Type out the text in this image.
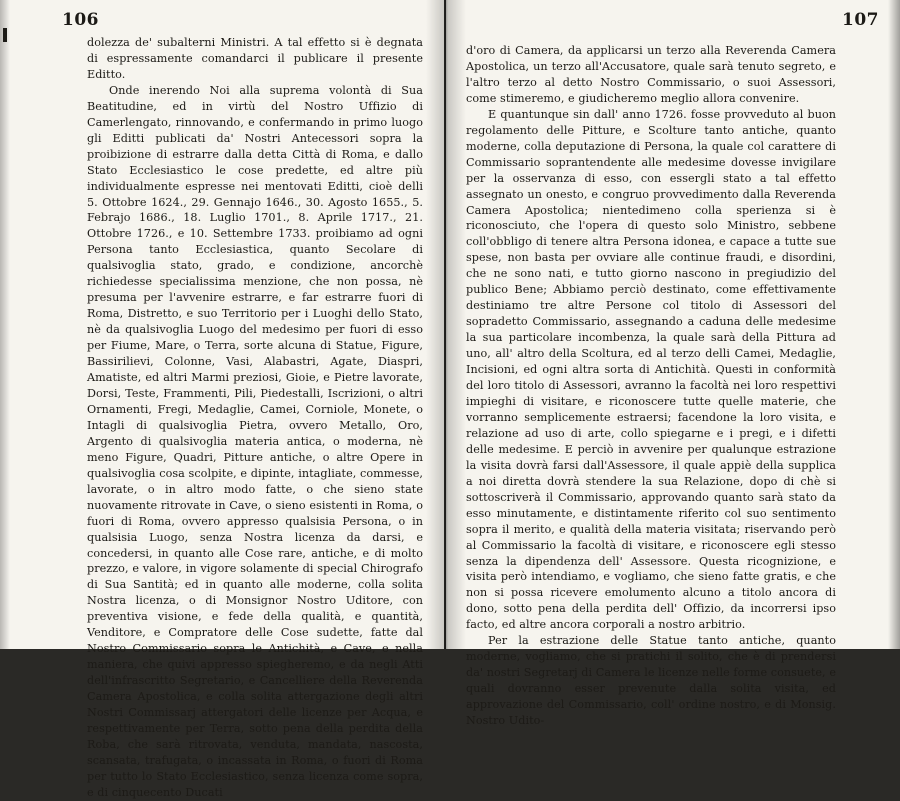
106

dolezza de' subalterni Ministri. A tal effetto si è degnata di espressamente comandarci il publicare il presente Editto.

Onde inerendo Noi alla suprema volontà di Sua Beatitudine, ed in virtù del Nostro Uffizio di Camerlengato, rinnovando, e confermando in primo luogo gli Editti publicati da' Nostri Antecessori sopra la proibizione di estrarre dalla detta Città di Roma, e dallo Stato Ecclesiastico le cose predette, ed altre più individualmente espresse nei mentovati Editti, cioè delli 5. Ottobre 1624., 29. Gennajo 1646., 30. Agosto 1655., 5. Febrajo 1686., 18. Luglio 1701., 8. Aprile 1717., 21. Ottobre 1726., e 10. Settembre 1733. proibiamo ad ogni Persona tanto Ecclesiastica, quanto Secolare di qualsivoglia stato, grado, e condizione, ancorchè richiedesse specialissima menzione, che non possa, nè presuma per l'avvenire estrarre, e far estrarre fuori di Roma, Distretto, e suo Territorio per i Luoghi dello Stato, nè da qualsivoglia Luogo del medesimo per fuori di esso per Fiume, Mare, o Terra, sorte alcuna di Statue, Figure, Bassirilievi, Colonne, Vasi, Alabastri, Agate, Diaspri, Amatiste, ed altri Marmi preziosi, Gioie, e Pietre lavorate, Dorsi, Teste, Frammenti, Pili, Piedestalli, Iscrizioni, o altri Ornamenti, Fregi, Medaglie, Camei, Corniole, Monete, o Intagli di qualsivoglia Pietra, ovvero Metallo, Oro, Argento di qualsivoglia materia antica, o moderna, nè meno Figure, Quadri, Pitture antiche, o altre Opere in qualsivoglia cosa scolpite, e dipinte, intagliate, commesse, lavorate, o in altro modo fatte, o che sieno state nuovamente ritrovate in Cave, o sieno esistenti in Roma, o fuori di Roma, ovvero appresso qualsisia Persona, o in qualsisia Luogo, senza Nostra licenza da darsi, e concedersi, in quanto alle Cose rare, antiche, e di molto prezzo, e valore, in vigore solamente di special Chirografo di Sua Santità; ed in quanto alle moderne, colla solita Nostra licenza, o di Monsignor Nostro Uditore, con preventiva visione, e fede della qualità, e quantità, Venditore, e Compratore delle Cose sudette, fatte dal Nostro Commissario sopra le Antichità, e Cave, e nella maniera, che quivi appresso spiegheremo, e da negli Atti dell'infrascritto Segretario, e Cancelliere della Reverenda Camera Apostolica, e colla solita attergazione degli altri Nostri Commissarj attergatori delle licenze per Acqua, e respettivamente per Terra, sotto pena della perdita della Roba, che sarà ritrovata, venduta, mandata, nascosta, scansata, trafugata, o incassata in Roma, o fuori di Roma per tutto lo Stato Ecclesiastico, senza licenza come sopra, e di cinquecento Ducati

107

d'oro di Camera, da applicarsi un terzo alla Reverenda Camera Apostolica, un terzo all'Accusatore, quale sarà tenuto segreto, e l'altro terzo al detto Nostro Commissario, o suoi Assessori, come stimeremo, e giudicheremo meglio allora convenire.

E quantunque sin dall' anno 1726. fosse provveduto al buon regolamento delle Pitture, e Scolture tanto antiche, quanto moderne, colla deputazione di Persona, la quale col carattere di Commissario soprantendente alle medesime dovesse invigilare per la osservanza di esso, con essergli stato a tal effetto assegnato un onesto, e congruo provvedimento dalla Reverenda Camera Apostolica; nientedimeno colla sperienza si è riconosciuto, che l'opera di questo solo Ministro, sebbene coll'obbligo di tenere altra Persona idonea, e capace a tutte sue spese, non basta per ovviare alle continue fraudi, e disordini, che ne sono nati, e tutto giorno nascono in pregiudizio del publico Bene; Abbiamo perciò destinato, come effettivamente destiniamo tre altre Persone col titolo di Assessori del sopradetto Commissario, assegnando a caduna delle medesime la sua particolare incombenza, la quale sarà della Pittura ad uno, all' altro della Scoltura, ed al terzo delli Camei, Medaglie, Incisioni, ed ogni altra sorta di Antichità. Questi in conformità del loro titolo di Assessori, avranno la facoltà nei loro respettivi impieghi di visitare, e riconoscere tutte quelle materie, che vorranno semplicemente estraersi; facendone la loro visita, e relazione ad uso di arte, collo spiegarne e i pregi, e i difetti delle medesime. E perciò in avvenire per qualunque estrazione la visita dovrà farsi dall'Assessore, il quale appiè della supplica a noi diretta dovrà stendere la sua Relazione, dopo di chè si sottoscriverà il Commissario, approvando quanto sarà stato da esso minutamente, e distintamente riferito col suo sentimento sopra il merito, e qualità della materia visitata; riservando però al Commissario la facoltà di visitare, e riconoscere egli stesso senza la dipendenza dell' Assessore. Questa ricognizione, e visita però intendiamo, e vogliamo, che sieno fatte gratis, e che non si possa ricevere emolumento alcuno a titolo ancora di dono, sotto pena della perdita dell' Offizio, da incorrersi ipso facto, ed altre ancora corporali a nostro arbitrio.

Per la estrazione delle Statue tanto antiche, quanto moderne, vogliamo, che si pratichi il solito, che è di prendersi da' nostri Segretarj di Camera le licenze nelle forme consuete, e quali dovranno esser prevenute dalla solita visita, ed approvazione del Commissario, coll' ordine nostro, e di Monsig. Nostro Udito-
